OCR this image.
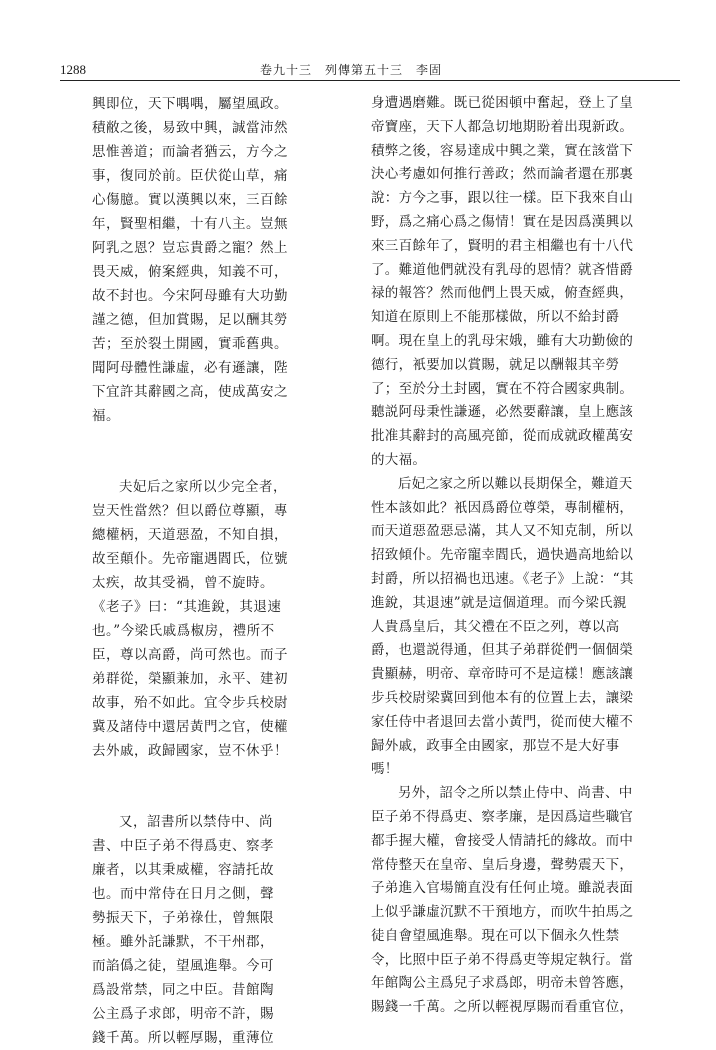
1288	卷九十三　列傳第五十三　李固

興即位，天下喁喁，屬望風政。
積敝之後，易致中興，誠當沛然
思惟善道；而論者猶云，方今之
事，復同於前。臣伏從山草，痛
心傷臆。實以漢興以來，三百餘
年，賢聖相繼，十有八主。豈無
阿乳之恩？豈忘貴爵之寵？然上
畏天威，俯案經典，知義不可，
故不封也。今宋阿母雖有大功勤
謹之德，但加賞賜，足以酬其勞
苦；至於裂土開國，實乖舊典。
聞阿母體性謙虛，必有遜讓，陛
下宜許其辭國之高，使成萬安之
福。

夫妃后之家所以少完全者，
豈天性當然？但以爵位尊顯，專
總權柄，天道惡盈，不知自損，
故至顛仆。先帝寵遇閻氏，位號
太疾，故其受禍，曾不旋時。
《老子》曰：“其進銳，其退速
也。”今梁氏戚爲椒房，禮所不
臣，尊以高爵，尚可然也。而子
弟群從，榮顯兼加，永平、建初
故事，殆不如此。宜令步兵校尉
冀及諸侍中還居黃門之官，使權
去外戚，政歸國家，豈不休乎！

又，詔書所以禁侍中、尚
書、中臣子弟不得爲吏、察孝
廉者，以其秉威權，容請托故
也。而中常侍在日月之側，聲
勢振天下，子弟祿仕，曾無限
極。雖外託謙默，不干州郡，
而諂僞之徒，望風進舉。今可
爲設常禁，同之中臣。昔館陶
公主爲子求郎，明帝不許，賜
錢千萬。所以輕厚賜，重薄位

身遭遇磨難。既已從困頓中奮起，登上了皇
帝寶座，天下人都急切地期盼着出現新政。
積弊之後，容易達成中興之業，實在該當下
決心考慮如何推行善政；然而論者還在那裏
說：方今之事，跟以往一樣。臣下我來自山
野，爲之痛心爲之傷情！實在是因爲漢興以
來三百餘年了，賢明的君主相繼也有十八代
了。難道他們就没有乳母的恩情？就吝惜爵
禄的報答？然而他們上畏天威，俯查經典，
知道在原則上不能那樣做，所以不給封爵
啊。現在皇上的乳母宋娥，雖有大功勤儉的
德行，衹要加以賞賜，就足以酬報其辛勞
了；至於分土封國，實在不符合國家典制。
聽説阿母秉性謙遜，必然要辭讓，皇上應該
批准其辭封的高風亮節，從而成就政權萬安
的大福。

后妃之家之所以難以長期保全，難道天
性本該如此？衹因爲爵位尊榮，專制權柄，
而天道惡盈惡忌滿，其人又不知克制，所以
招致傾仆。先帝寵幸閻氏，過快過高地給以
封爵，所以招禍也迅速。《老子》上說：“其
進銳，其退速”就是這個道理。而今梁氏親
人貴爲皇后，其父禮在不臣之列，尊以高
爵，也還説得通，但其子弟群從們一個個榮
貴顯赫，明帝、章帝時可不是這樣！應該讓
步兵校尉梁冀回到他本有的位置上去，讓梁
家任侍中者退回去當小黃門，從而使大權不
歸外戚，政事全由國家，那豈不是大好事
嗎！

另外，詔令之所以禁止侍中、尚書、中
臣子弟不得爲吏、察孝廉，是因爲這些職官
都手握大權，會接受人情請托的緣故。而中
常侍整天在皇帝、皇后身邊，聲勢震天下，
子弟進入官場簡直没有任何止境。雖説表面
上似乎謙虛沉默不干預地方，而吹牛拍馬之
徒自會望風進舉。現在可以下個永久性禁
令，比照中臣子弟不得爲吏等規定執行。當
年館陶公主爲兒子求爲郎，明帝未曾答應，
賜錢一千萬。之所以輕視厚賜而看重官位，
